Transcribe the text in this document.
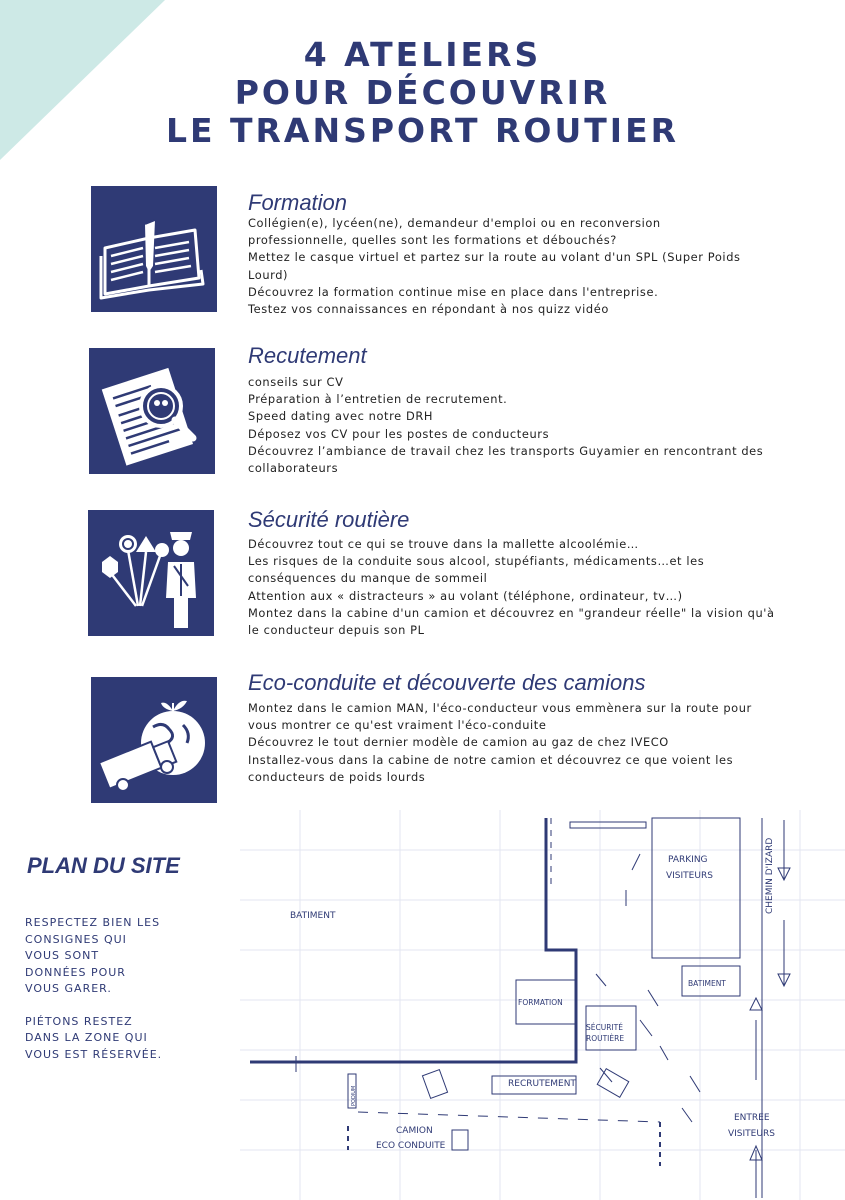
4 ATELIERS
POUR DÉCOUVRIR
LE TRANSPORT ROUTIER
Formation
Collégien(e), lycéen(ne), demandeur d'emploi ou en reconversion
professionnelle, quelles sont les formations et débouchés?
Mettez le casque virtuel et partez sur la route au volant d'un SPL (Super Poids
Lourd)
Découvrez la formation continue mise en place dans l'entreprise.
Testez vos connaissances en répondant à nos quizz vidéo
Recutement
conseils sur CV
Préparation à l’entretien de recrutement.
Speed dating avec notre DRH
Déposez vos CV pour les postes de conducteurs
Découvrez l’ambiance de travail chez les transports Guyamier en rencontrant des
collaborateurs
Sécurité routière
Découvrez tout ce qui se trouve dans la mallette alcoolémie…
Les risques de la conduite sous alcool, stupéfiants, médicaments…et les
conséquences du manque de sommeil
Attention aux « distracteurs » au volant (téléphone, ordinateur, tv…)
Montez dans la cabine d'un camion et découvrez en "grandeur réelle" la vision qu'à
le conducteur depuis son PL
Eco-conduite et découverte des camions
Montez dans le camion MAN, l'éco-conducteur vous emmènera sur la route pour
vous montrer ce qu'est vraiment l'éco-conduite
Découvrez le tout dernier modèle de camion au gaz de chez IVECO
Installez-vous dans la cabine de notre camion et découvrez ce que voient les
conducteurs de poids lourds
PLAN DU SITE
RESPECTEZ BIEN LES
CONSIGNES QUI
VOUS SONT
DONNÉES POUR
VOUS GARER.
PIÉTONS RESTEZ
DANS LA ZONE QUI
VOUS EST RÉSERVÉE.
BATIMENT
PARKING
VISITEURS	CHEMIN D'IZARD
BATIMENT
FORMATION
SÉCURITÉ
ROUTIÈRE
RECRUTEMENT
CAMION
ECO CONDUITE
ENTREE
VISITEURS
PODIUM
